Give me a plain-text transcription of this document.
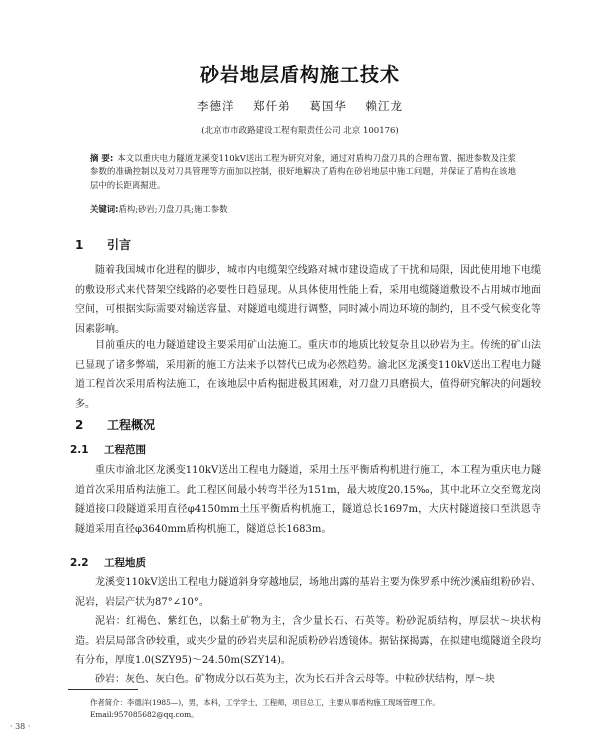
砂岩地层盾构施工技术
李德洋 郑仟弟 葛国华 赖江龙
(北京市市政路建设工程有限责任公司 北京 100176)
摘 要: 本文以重庆电力隧道龙溪变110kV送出工程为研究对象，通过对盾构刀盘刀具的合理布置、掘进参数及注浆参数的准确控制以及对刀具管理等方面加以控制，很好地解决了盾构在砂岩地层中施工问题，并保证了盾构在该地层中的长距离掘进。
关键词:盾构;砂岩;刀盘刀具;施工参数
1 引言
随着我国城市化进程的脚步，城市内电缆架空线路对城市建设造成了干扰和局限，因此使用地下电缆的敷设形式来代替架空线路的必要性日趋显现。从具体使用性能上看，采用电缆隧道敷设不占用城市地面空间，可根据实际需要对输送容量、对隧道电缆进行调整，同时减小周边环境的制约，且不受气候变化等因素影响。
目前重庆的电力隧道建设主要采用矿山法施工。重庆市的地质比较复杂且以砂岩为主。传统的矿山法已显现了诸多弊端，采用新的施工方法来予以替代已成为必然趋势。渝北区龙溪变110kV送出工程电力隧道工程首次采用盾构法施工，在该地层中盾构掘进极其困难，对刀盘刀具磨损大，值得研究解决的问题较多。
2 工程概况
2.1 工程范围
重庆市渝北区龙溪变110kV送出工程电力隧道，采用土压平衡盾构机进行施工，本工程为重庆电力隧道首次采用盾构法施工。此工程区间最小转弯半径为151m，最大坡度20.15‰，其中北环立交至鸳龙岗隧道接口段隧道采用直径φ4150mm土压平衡盾构机施工，隧道总长1697m，大庆村隧道接口至洪恩寺隧道采用直径φ3640mm盾构机施工，隧道总长1683m。
2.2 工程地质
龙溪变110kV送出工程电力隧道斜身穿越地层，场地出露的基岩主要为侏罗系中统沙溪庙组粉砂岩、泥岩，岩层产状为87°∠10°。
泥岩：红褐色、紫红色，以黏土矿物为主，含少量长石、石英等。粉砂泥质结构，厚层状～块状构造。岩层局部含砂较重，或夹少量的砂岩夹层和泥质粉砂岩透镜体。据钻探揭露，在拟建电缆隧道全段均有分布，厚度1.0(SZY95)～24.50m(SZY14)。
砂岩：灰色、灰白色。矿物成分以石英为主，次为长石并含云母等。中粒砂状结构，厚～块
作者简介：李德洋(1985—)，男，本科，工学学士，工程师，项目总工，主要从事盾构施工现场管理工作。Email:957085682@qq.com。
· 38 ·
